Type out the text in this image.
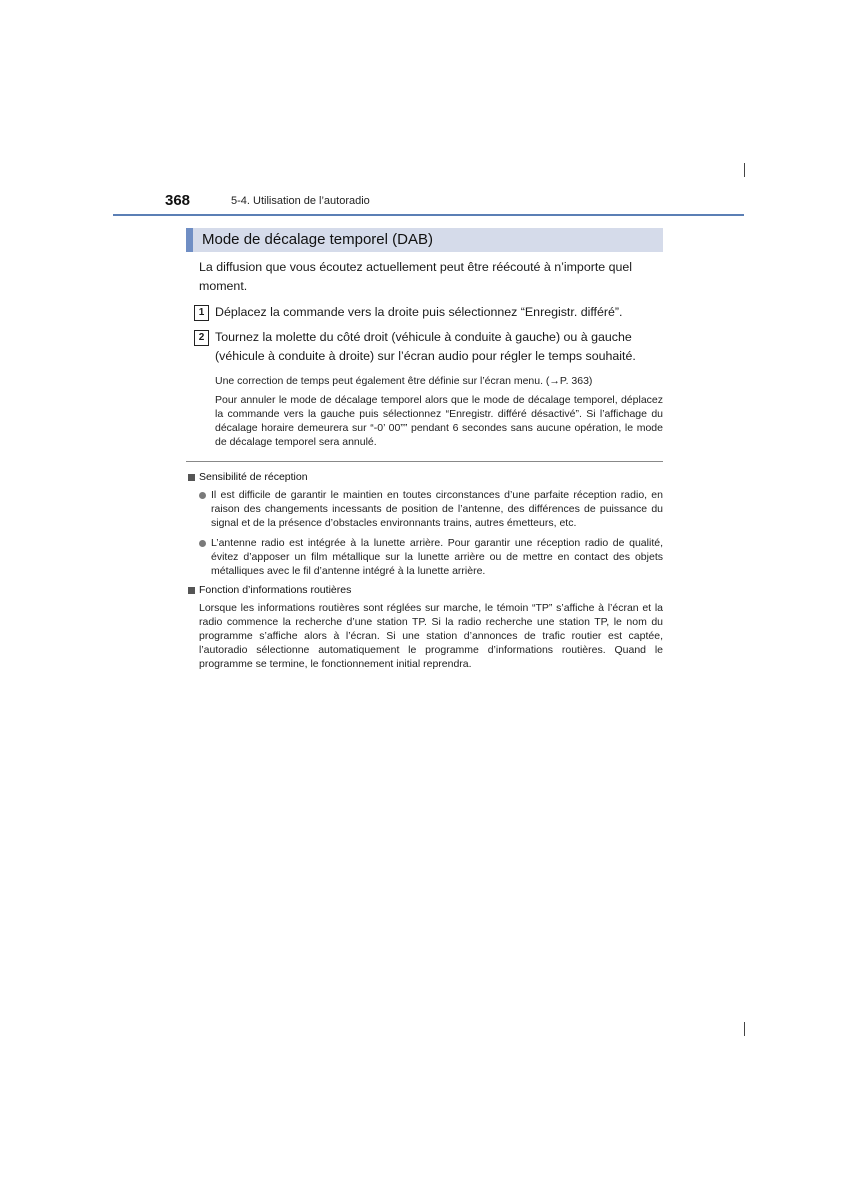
368	5-4. Utilisation de l’autoradio
Mode de décalage temporel (DAB)
La diffusion que vous écoutez actuellement peut être réécouté à n’importe quel moment.
1 Déplacez la commande vers la droite puis sélectionnez “Enregistr. différé”.
2 Tournez la molette du côté droit (véhicule à conduite à gauche) ou à gauche (véhicule à conduite à droite) sur l’écran audio pour régler le temps souhaité.
Une correction de temps peut également être définie sur l’écran menu. (→P. 363)
Pour annuler le mode de décalage temporel alors que le mode de décalage temporel, déplacez la commande vers la gauche puis sélectionnez “Enregistr. différé désactivé”. Si l’affichage du décalage horaire demeurera sur “-0’ 00”” pendant 6 secondes sans aucune opération, le mode de décalage temporel sera annulé.
Sensibilité de réception
Il est difficile de garantir le maintien en toutes circonstances d’une parfaite réception radio, en raison des changements incessants de position de l’antenne, des différences de puissance du signal et de la présence d’obstacles environnants trains, autres émetteurs, etc.
L’antenne radio est intégrée à la lunette arrière. Pour garantir une réception radio de qualité, évitez d’apposer un film métallique sur la lunette arrière ou de mettre en contact des objets métalliques avec le fil d’antenne intégré à la lunette arrière.
Fonction d’informations routières
Lorsque les informations routières sont réglées sur marche, le témoin “TP” s’affiche à l’écran et la radio commence la recherche d’une station TP. Si la radio recherche une station TP, le nom du programme s’affiche alors à l’écran. Si une station d’annonces de trafic routier est captée, l’autoradio sélectionne automatiquement le programme d’informations routières. Quand le programme se termine, le fonctionnement initial reprendra.
